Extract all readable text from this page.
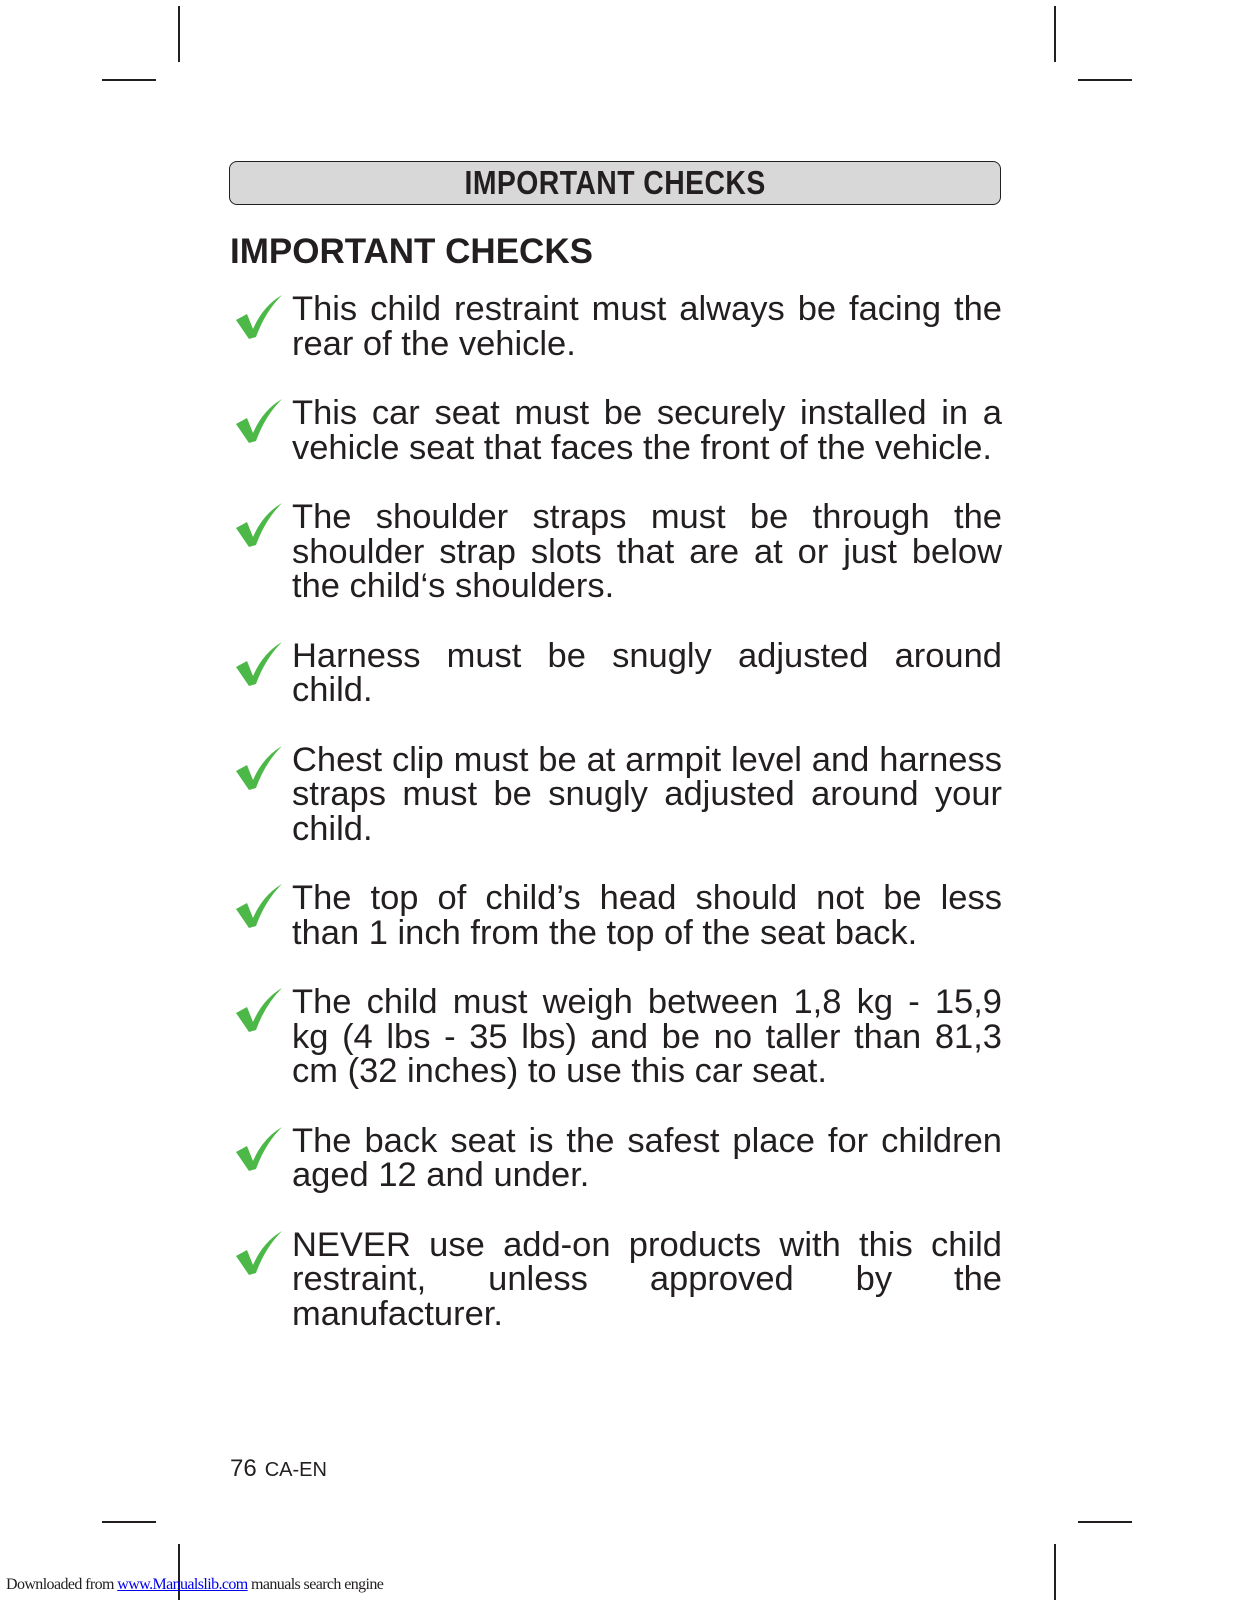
IMPORTANT CHECKS
IMPORTANT CHECKS
This child restraint must always be facing the rear of the vehicle.
This car seat must be securely installed in a vehicle seat that faces the front of the vehicle.
The shoulder straps must be through the shoulder strap slots that are at or just below the child‘s shoulders.
Harness must be snugly adjusted around child.
Chest clip must be at armpit level and harness straps must be snugly adjusted around your child.
The top of child’s head should not be less than 1 inch from the top of the seat back.
The child must weigh between 1,8 kg - 15,9 kg (4 lbs - 35 lbs) and be no taller than 81,3 cm (32 inches) to use this car seat.
The back seat is the safest place for children aged 12 and under.
NEVER use add-on products with this child restraint, unless approved by the manufacturer.
76 CA-EN
Downloaded from www.Manualslib.com manuals search engine
